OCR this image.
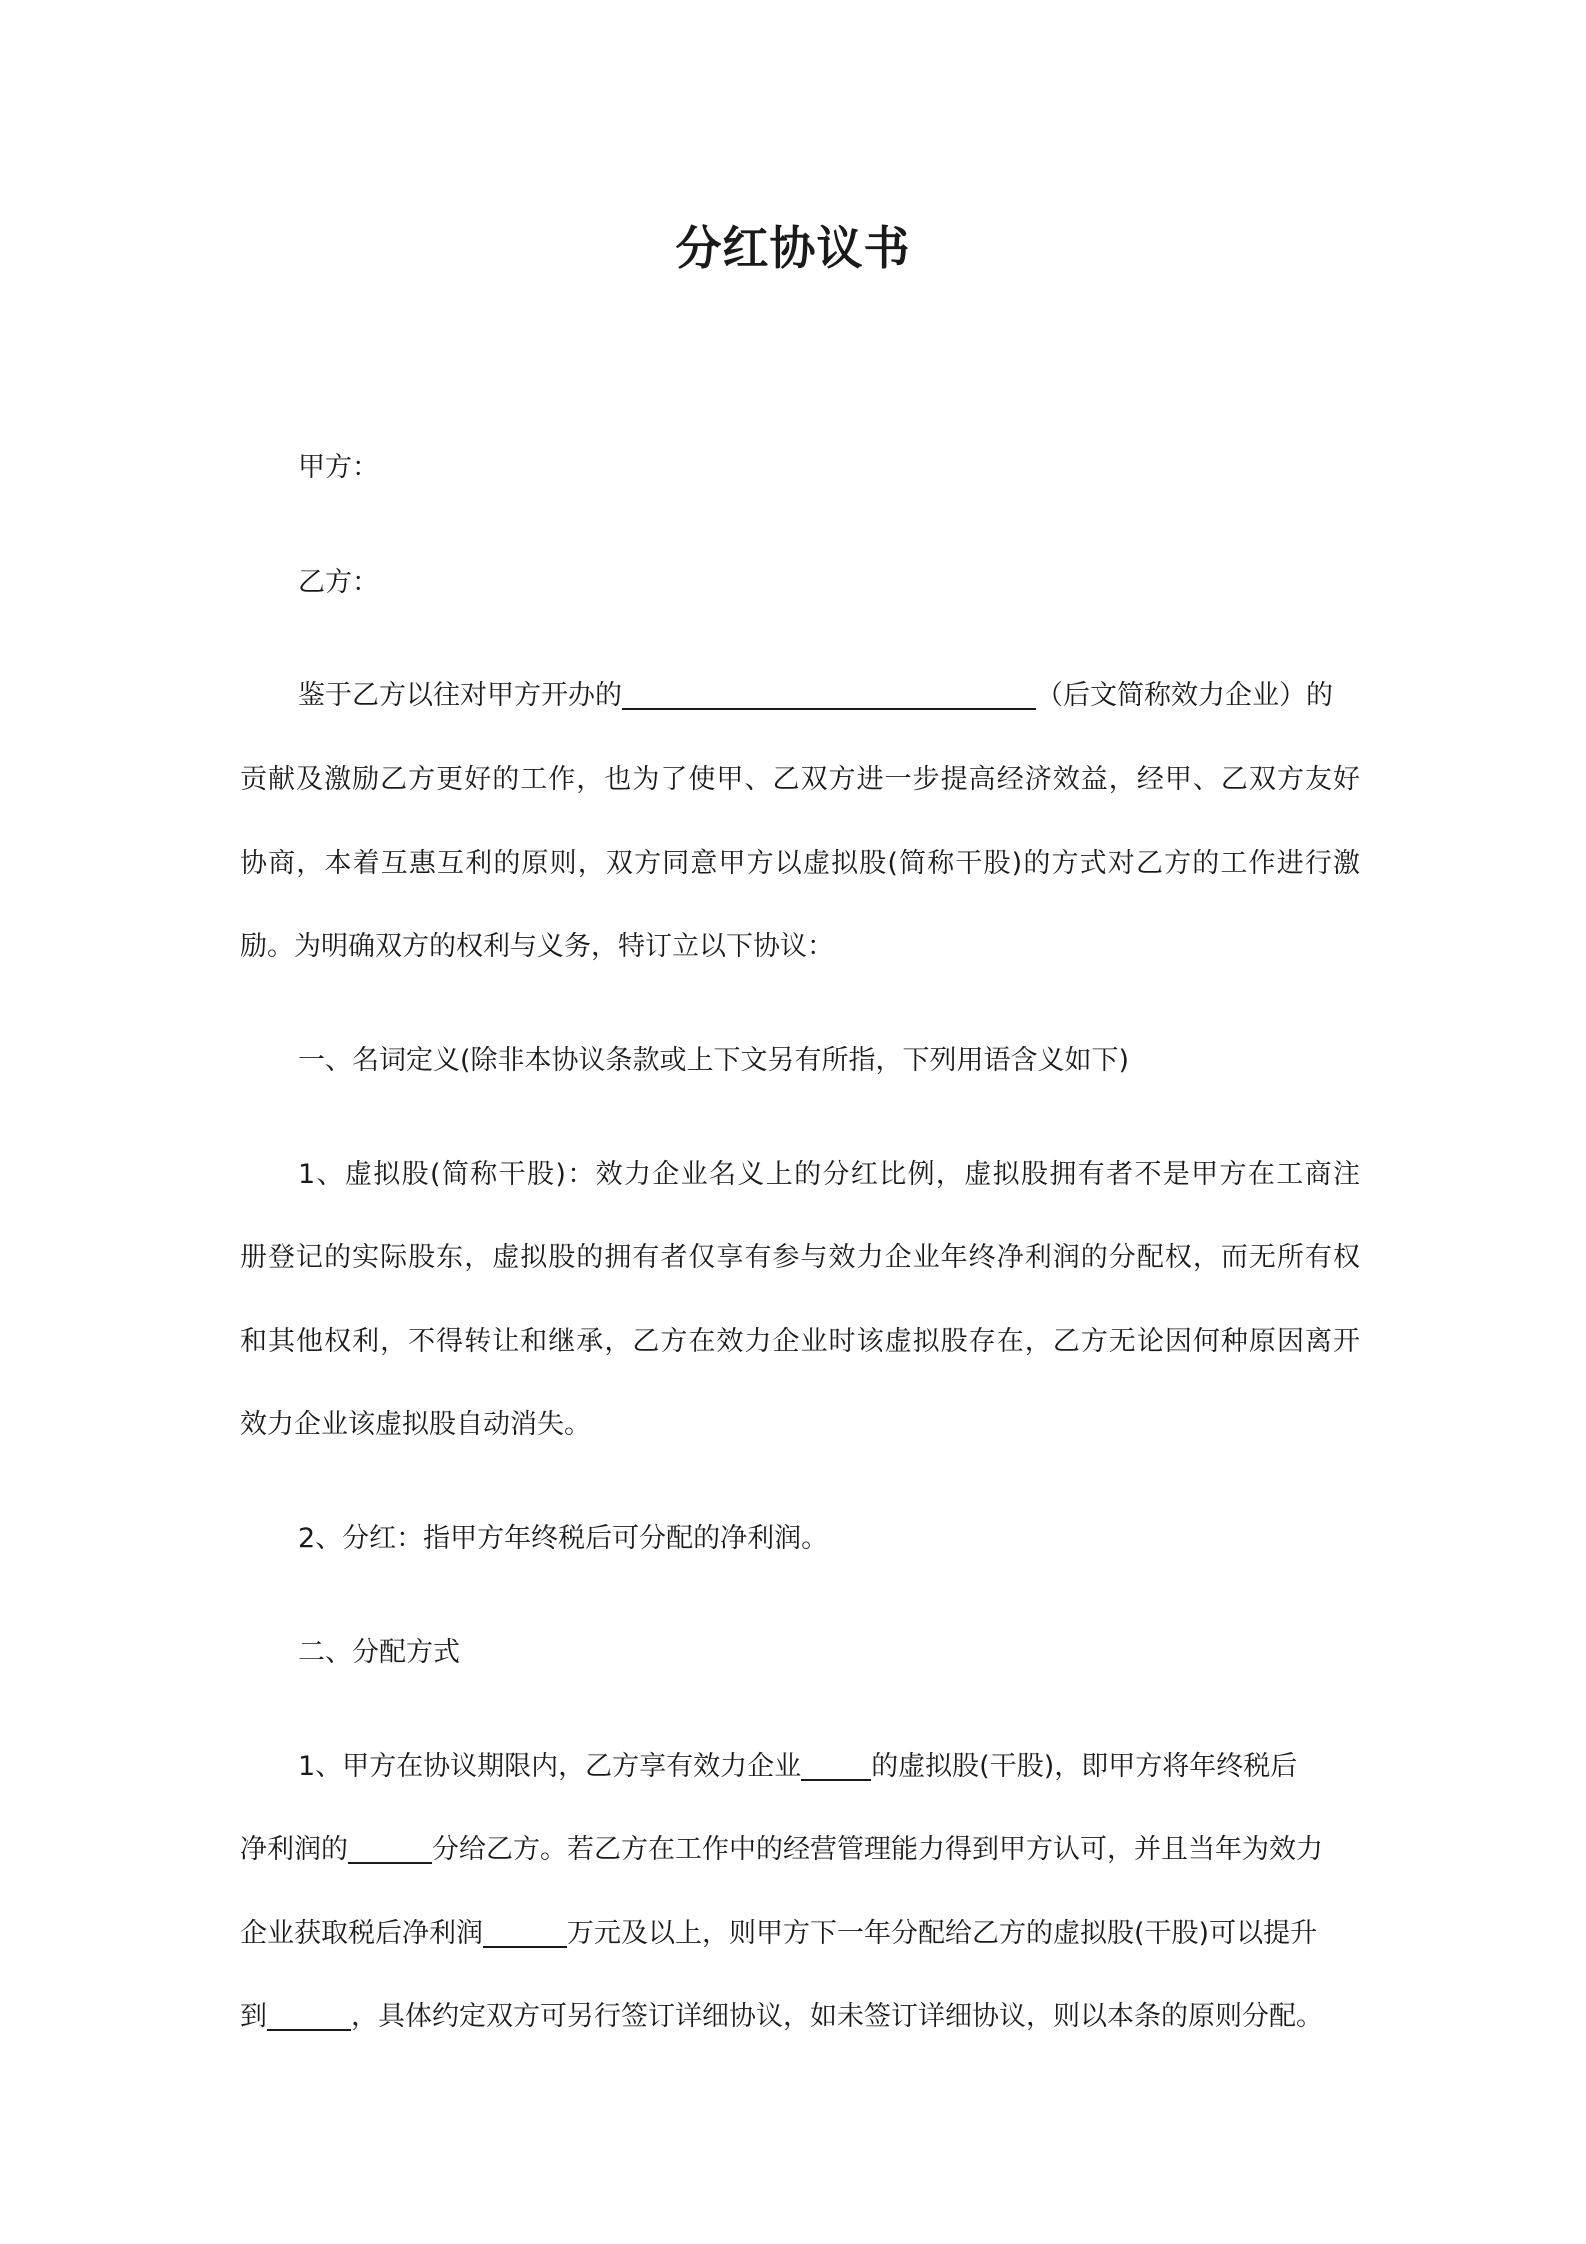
分红协议书
甲方：
乙方：
鉴于乙方以往对甲方开办的	（后文简称效力企业）的
贡献及激励乙方更好的工作，也为了使甲、乙双方进一步提高经济效益，经甲、乙双方友好
协商，本着互惠互利的原则，双方同意甲方以虚拟股(简称干股)的方式对乙方的工作进行激
励。为明确双方的权利与义务，特订立以下协议：
一、名词定义(除非本协议条款或上下文另有所指，下列用语含义如下)
1、虚拟股(简称干股)：效力企业名义上的分红比例，虚拟股拥有者不是甲方在工商注
册登记的实际股东，虚拟股的拥有者仅享有参与效力企业年终净利润的分配权，而无所有权
和其他权利，不得转让和继承，乙方在效力企业时该虚拟股存在，乙方无论因何种原因离开
效力企业该虚拟股自动消失。
2、分红：指甲方年终税后可分配的净利润。
二、分配方式
1、甲方在协议期限内，乙方享有效力企业	的虚拟股(干股)，即甲方将年终税后
净利润的	分给乙方。若乙方在工作中的经营管理能力得到甲方认可，并且当年为效力
企业获取税后净利润	万元及以上，则甲方下一年分配给乙方的虚拟股(干股)可以提升
到	，具体约定双方可另行签订详细协议，如未签订详细协议，则以本条的原则分配。
